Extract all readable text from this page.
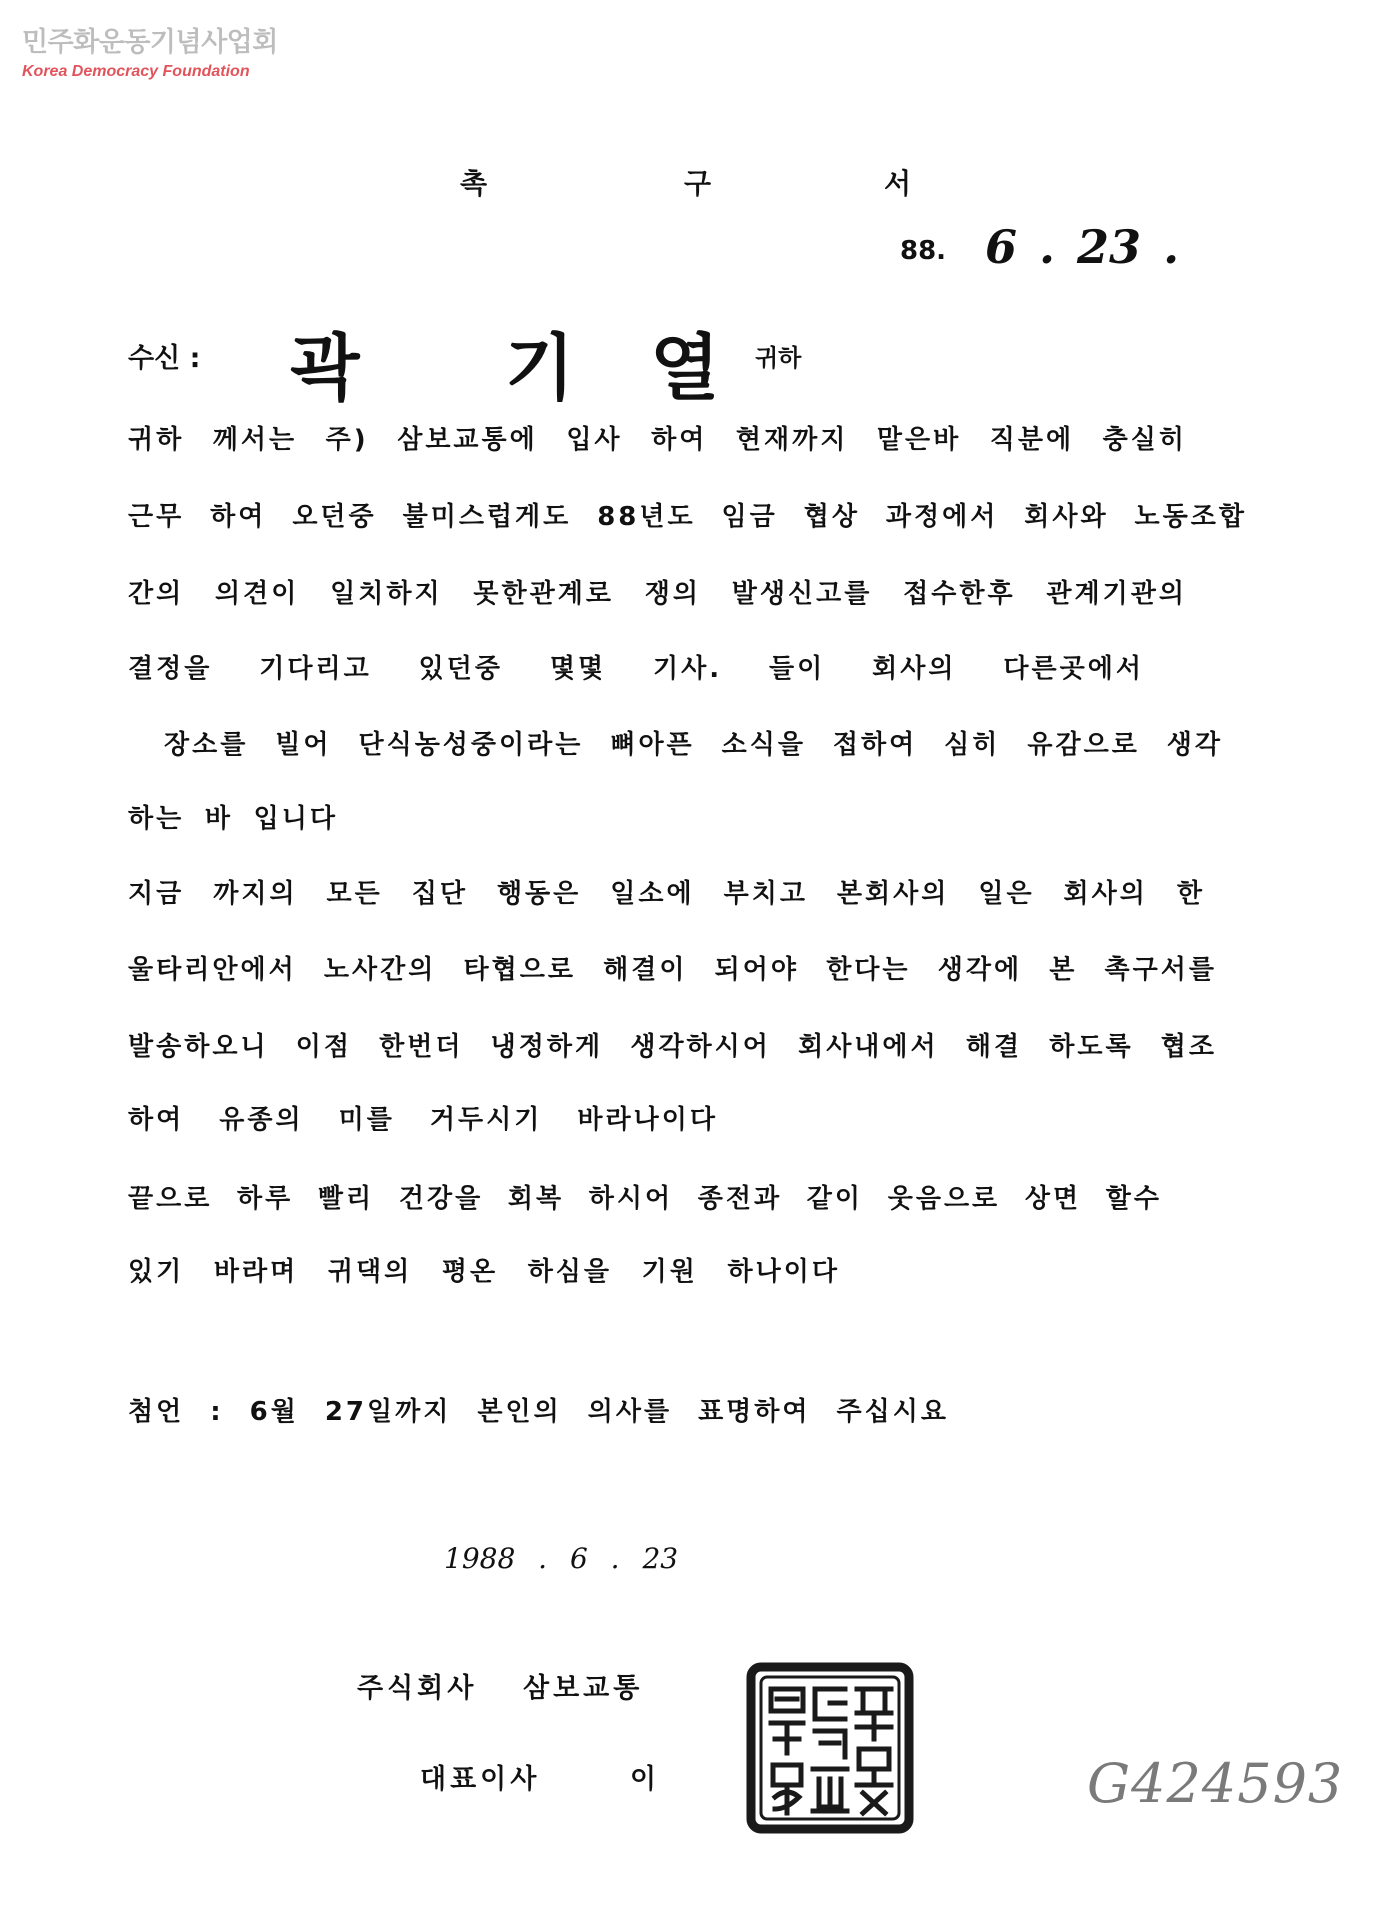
민주화운동기념사업회
Korea Democracy Foundation
촉	구	서
88. 6 . 23 .
수신 : 곽 기 열 귀하
귀하 께서는 주) 삼보교통에 입사 하여 현재까지 맡은바 직분에 충실히
근무 하여 오던중 불미스럽게도 88년도 임금 협상 과정에서 회사와 노동조합
간의 의견이 일치하지 못한관계로 쟁의 발생신고를 접수한후 관계기관의
결정을 기다리고 있던중 몇몇 기사. 들이 회사의 다른곳에서
장소를 빌어 단식농성중이라는 뼈아픈 소식을 접하여 심히 유감으로 생각
하는 바 입니다
지금 까지의 모든 집단 행동은 일소에 부치고 본회사의 일은 회사의 한
울타리안에서 노사간의 타협으로 해결이 되어야 한다는 생각에 본 촉구서를
발송하오니 이점 한번더 냉정하게 생각하시어 회사내에서 해결 하도록 협조
하여 유종의 미를 거두시기 바라나이다
끝으로 하루 빨리 건강을 회복 하시어 종전과 같이 웃음으로 상면 할수
있기 바라며 귀댁의 평온 하심을 기원 하나이다
첨언 : 6월 27일까지 본인의 의사를 표명하여 주십시요
1988 . 6 . 23
주식회사 삼보교통
대표이사	이	G424593
